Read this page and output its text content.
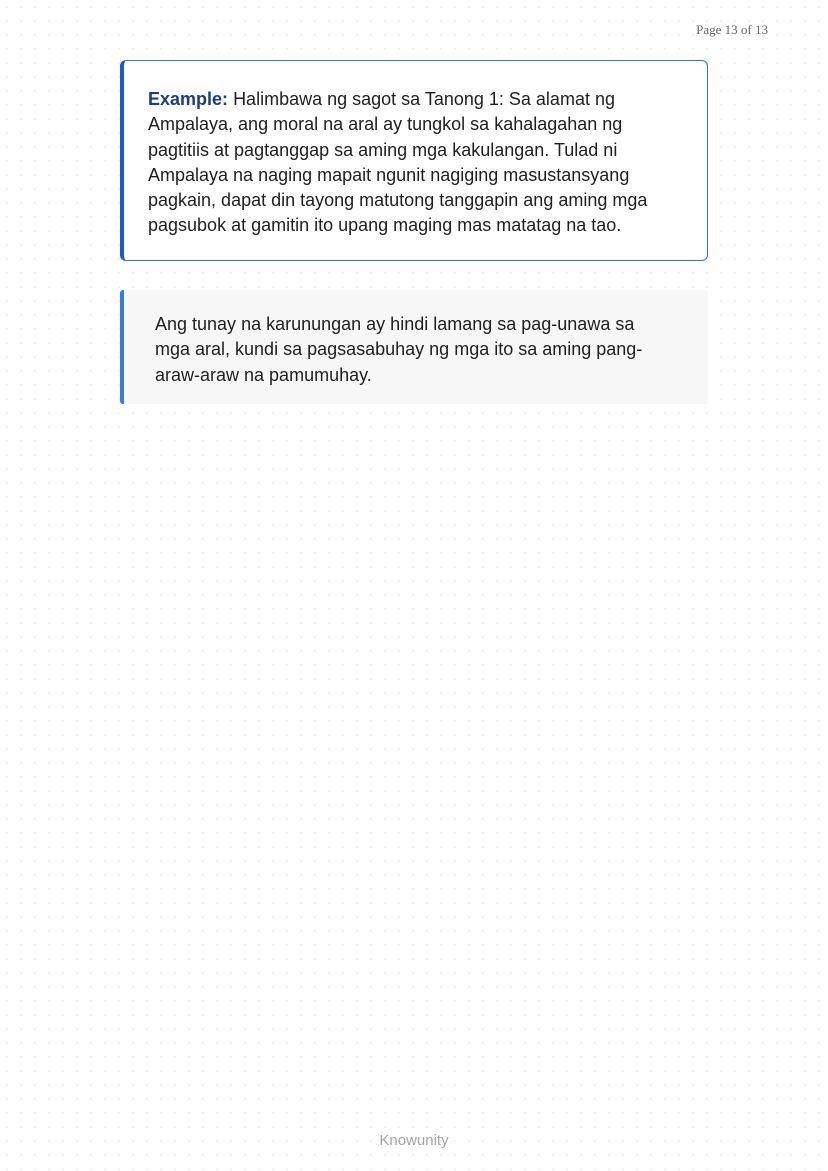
Page 13 of 13
Example: Halimbawa ng sagot sa Tanong 1: Sa alamat ng Ampalaya, ang moral na aral ay tungkol sa kahalagahan ng pagtitiis at pagtanggap sa aming mga kakulangan. Tulad ni Ampalaya na naging mapait ngunit nagiging masustansyang pagkain, dapat din tayong matutong tanggapin ang aming mga pagsubok at gamitin ito upang maging mas matatag na tao.
Ang tunay na karunungan ay hindi lamang sa pag-unawa sa mga aral, kundi sa pagsasabuhay ng mga ito sa aming pang-araw-araw na pamumuhay.
Knowunity
